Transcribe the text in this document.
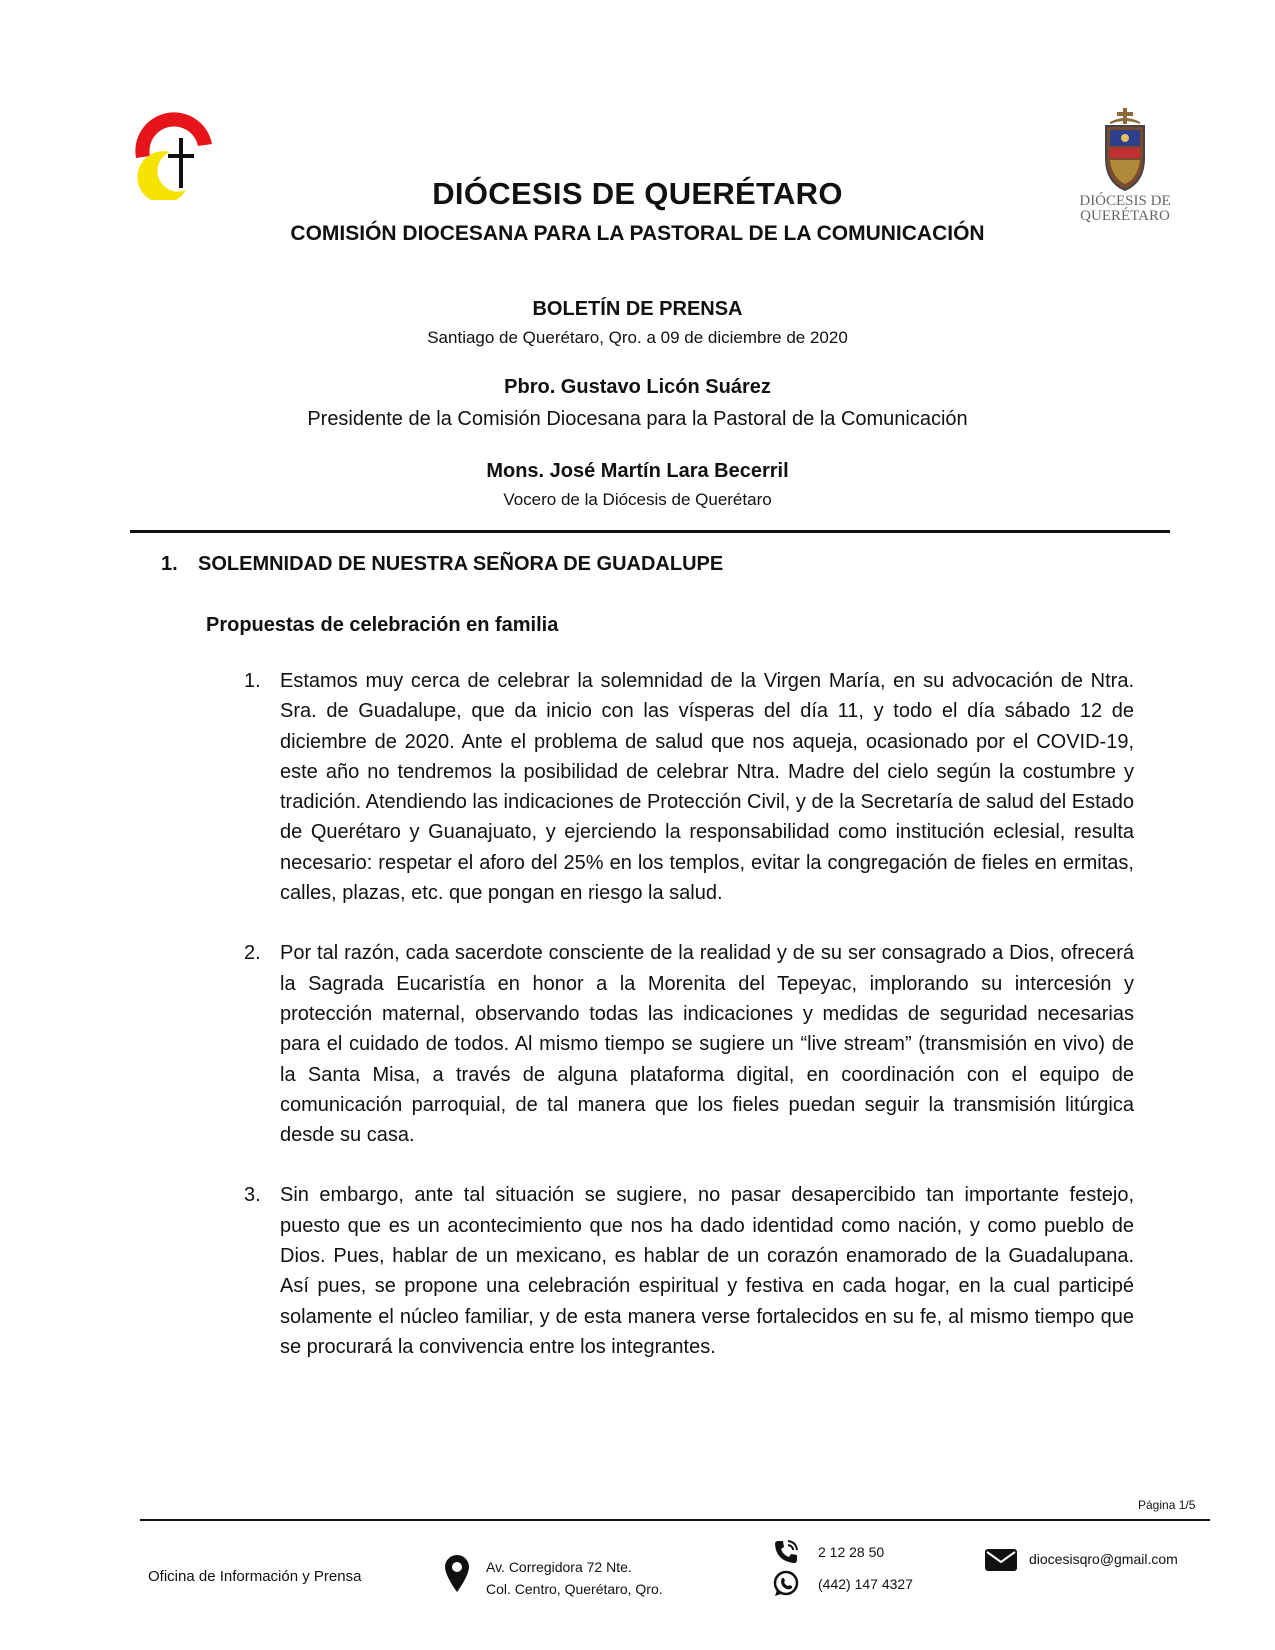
DIÓCESIS DE
QUERÉTARO
DIÓCESIS DE QUERÉTARO
COMISIÓN DIOCESANA PARA LA PASTORAL DE LA COMUNICACIÓN
BOLETÍN DE PRENSA
Santiago de Querétaro, Qro. a 09 de diciembre de 2020
Pbro. Gustavo Licón Suárez
Presidente de la Comisión Diocesana para la Pastoral de la Comunicación
Mons. José Martín Lara Becerril
Vocero de la Diócesis de Querétaro
1. SOLEMNIDAD DE NUESTRA SEÑORA DE GUADALUPE
Propuestas de celebración en familia
1. Estamos muy cerca de celebrar la solemnidad de la Virgen María, en su advocación de Ntra. Sra. de Guadalupe, que da inicio con las vísperas del día 11, y todo el día sábado 12 de diciembre de 2020. Ante el problema de salud que nos aqueja, ocasionado por el COVID-19, este año no tendremos la posibilidad de celebrar Ntra. Madre del cielo según la costumbre y tradición. Atendiendo las indicaciones de Protección Civil, y de la Secretaría de salud del Estado de Querétaro y Guanajuato, y ejerciendo la responsabilidad como institución eclesial, resulta necesario: respetar el aforo del 25% en los templos, evitar la congregación de fieles en ermitas, calles, plazas, etc. que pongan en riesgo la salud.
2. Por tal razón, cada sacerdote consciente de la realidad y de su ser consagrado a Dios, ofrecerá la Sagrada Eucaristía en honor a la Morenita del Tepeyac, implorando su intercesión y protección maternal, observando todas las indicaciones y medidas de seguridad necesarias para el cuidado de todos. Al mismo tiempo se sugiere un “live stream” (transmisión en vivo) de la Santa Misa, a través de alguna plataforma digital, en coordinación con el equipo de comunicación parroquial, de tal manera que los fieles puedan seguir la transmisión litúrgica desde su casa.
3. Sin embargo, ante tal situación se sugiere, no pasar desapercibido tan importante festejo, puesto que es un acontecimiento que nos ha dado identidad como nación, y como pueblo de Dios. Pues, hablar de un mexicano, es hablar de un corazón enamorado de la Guadalupana. Así pues, se propone una celebración espiritual y festiva en cada hogar, en la cual participé solamente el núcleo familiar, y de esta manera verse fortalecidos en su fe, al mismo tiempo que se procurará la convivencia entre los integrantes.
Página 1/5
Oficina de Información y Prensa
Av. Corregidora 72 Nte.
Col. Centro, Querétaro, Qro.
2 12 28 50
(442) 147 4327
diocesisqro@gmail.com
